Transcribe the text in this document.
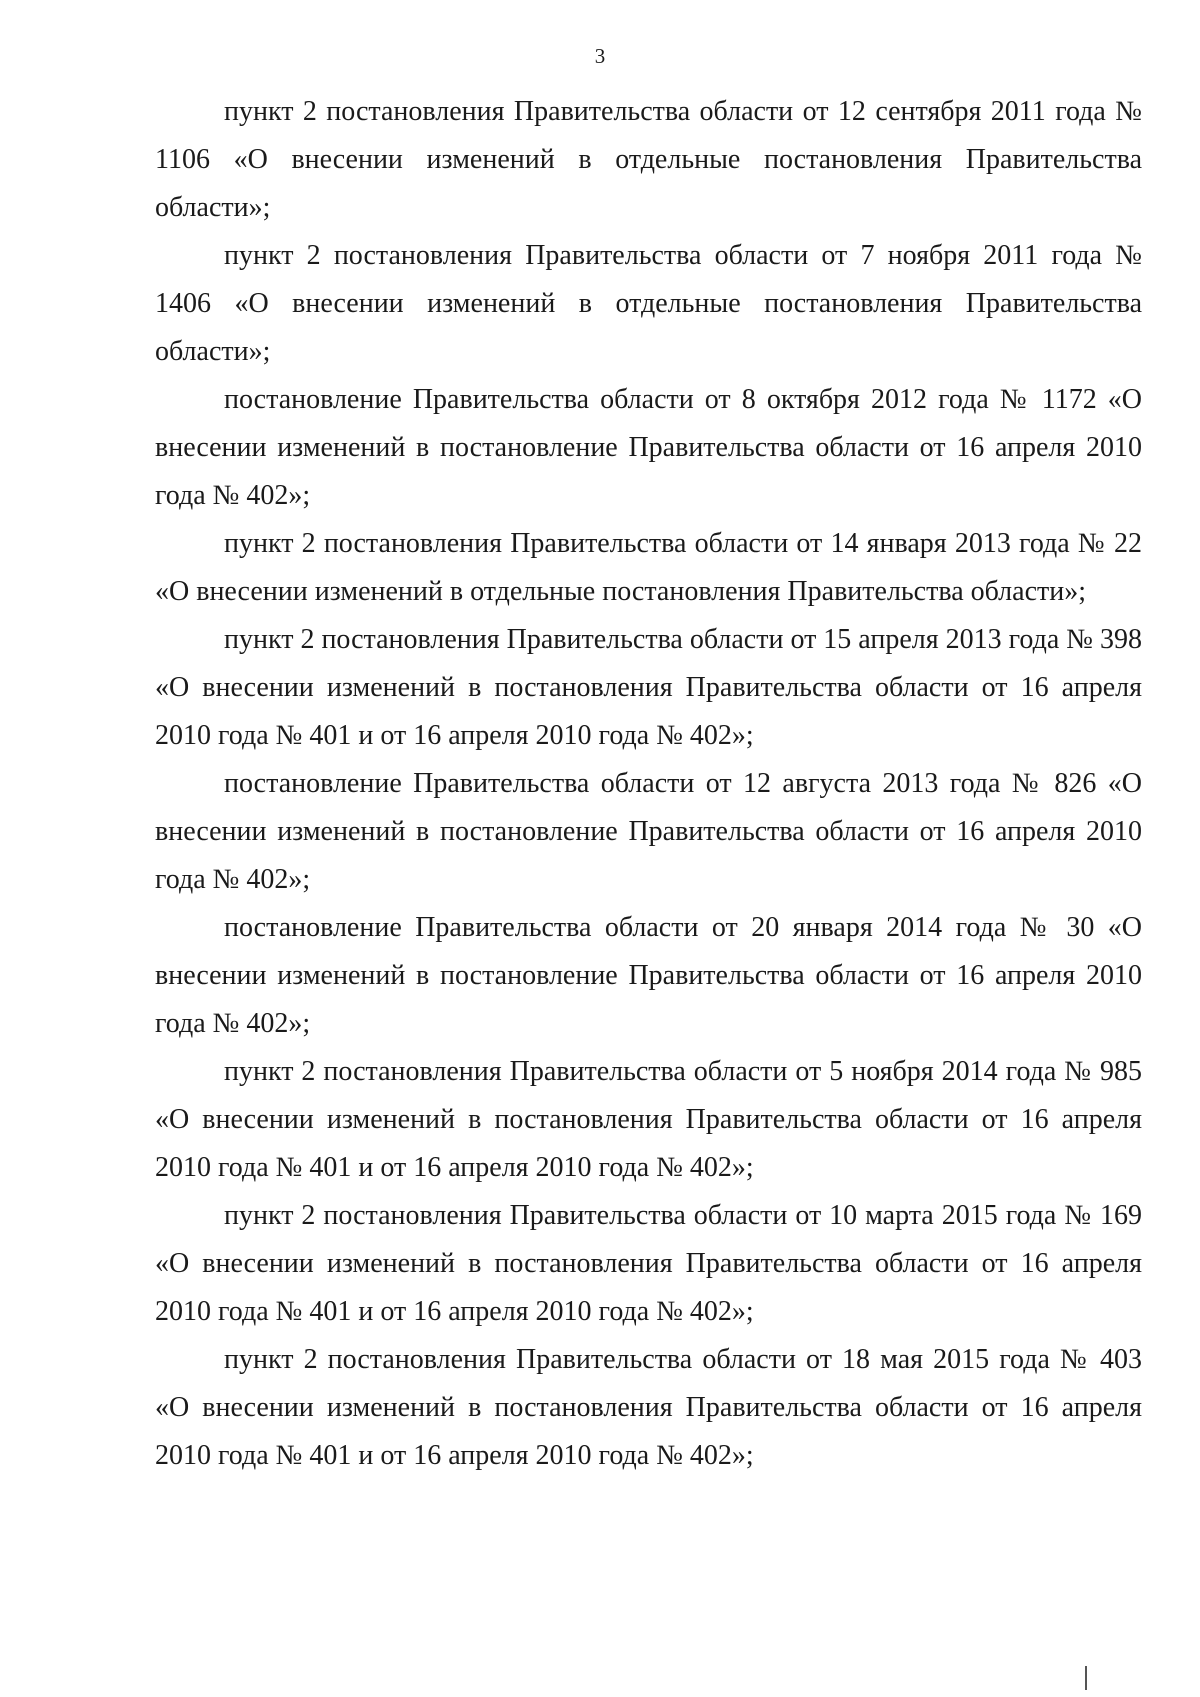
3

пункт 2 постановления Правительства области от 12 сентября 2011 года № 1106 «О внесении изменений в отдельные постановления Правительства области»;

пункт 2 постановления Правительства области от 7 ноября 2011 года № 1406 «О внесении изменений в отдельные постановления Правительства области»;

постановление Правительства области от 8 октября 2012 года № 1172 «О внесении изменений в постановление Правительства области от 16 апреля 2010 года № 402»;

пункт 2 постановления Правительства области от 14 января 2013 года № 22 «О внесении изменений в отдельные постановления Правительства области»;

пункт 2 постановления Правительства области от 15 апреля 2013 года № 398 «О внесении изменений в постановления Правительства области от 16 апреля 2010 года № 401 и от 16 апреля 2010 года № 402»;

постановление Правительства области от 12 августа 2013 года № 826 «О внесении изменений в постановление Правительства области от 16 апреля 2010 года № 402»;

постановление Правительства области от 20 января 2014 года № 30 «О внесении изменений в постановление Правительства области от 16 апреля 2010 года № 402»;

пункт 2 постановления Правительства области от 5 ноября 2014 года № 985 «О внесении изменений в постановления Правительства области от 16 апреля 2010 года № 401 и от 16 апреля 2010 года № 402»;

пункт 2 постановления Правительства области от 10 марта 2015 года № 169 «О внесении изменений в постановления Правительства области от 16 апреля 2010 года № 401 и от 16 апреля 2010 года № 402»;

пункт 2 постановления Правительства области от 18 мая 2015 года № 403 «О внесении изменений в постановления Правительства области от 16 апреля 2010 года № 401 и от 16 апреля 2010 года № 402»;
